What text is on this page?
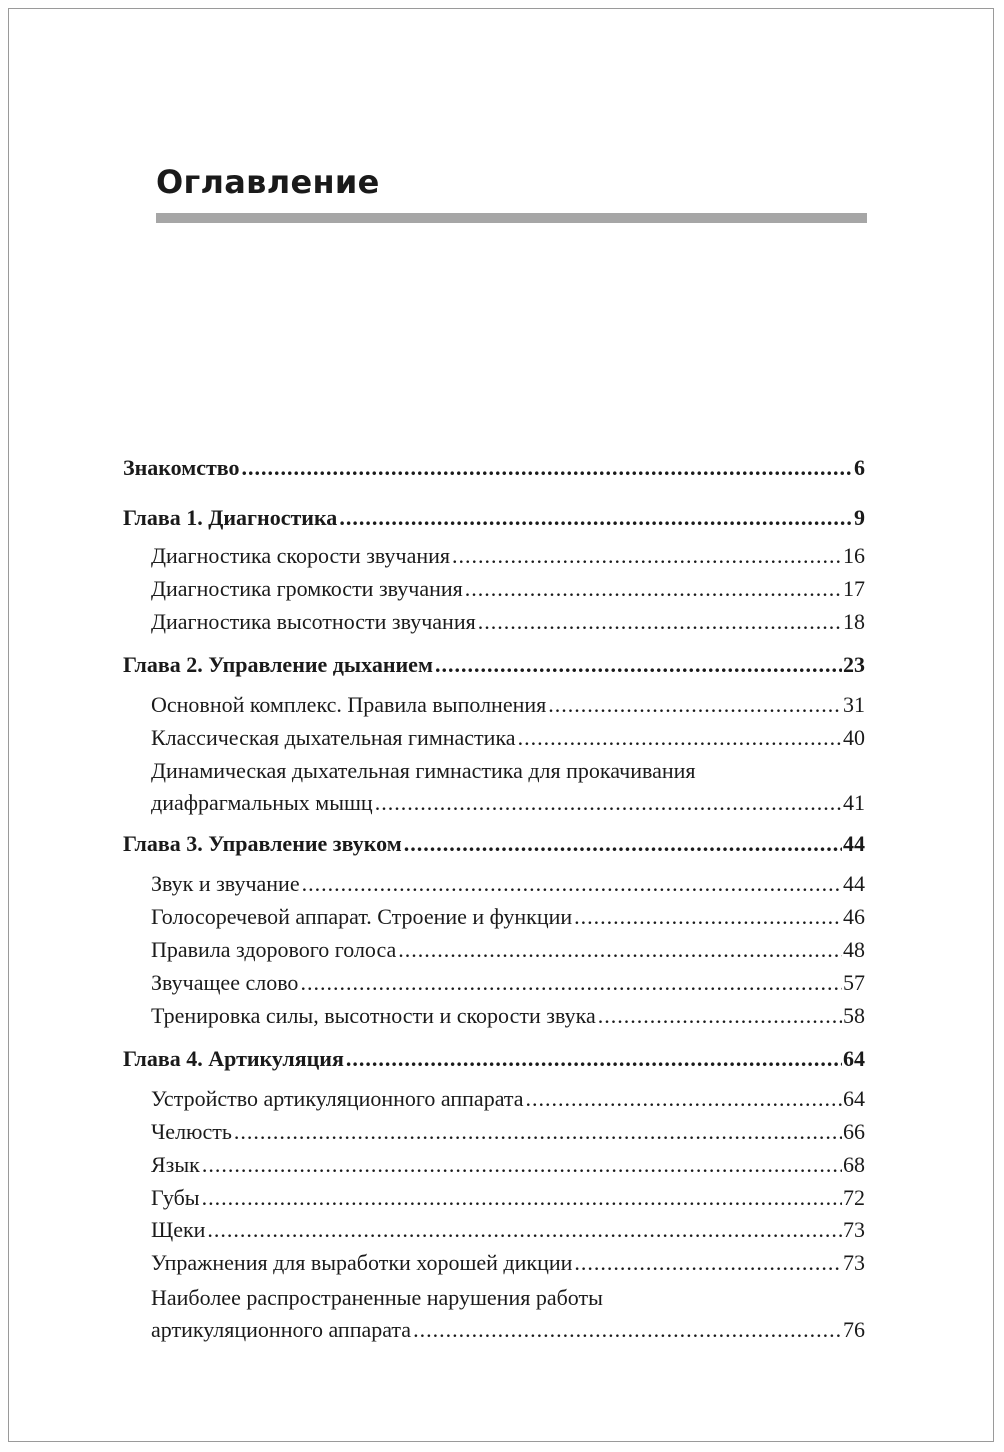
Оглавление
Знакомство .....	6
Глава 1. Диагностика .....	9
Диагностика скорости звучания .....	16
Диагностика громкости звучания .....	17
Диагностика высотности звучания .....	18
Глава 2. Управление дыханием .....	23
Основной комплекс. Правила выполнения .....	31
Классическая дыхательная гимнастика .....	40
Динамическая дыхательная гимнастика для прокачивания
диафрагмальных мышц .....	41
Глава 3. Управление звуком .....	44
Звук и звучание .....	44
Голосоречевой аппарат. Строение и функции .....	46
Правила здорового голоса .....	48
Звучащее слово .....	57
Тренировка силы, высотности и скорости звука .....	58
Глава 4. Артикуляция .....	64
Устройство артикуляционного аппарата .....	64
Челюсть .....	66
Язык .....	68
Губы .....	72
Щеки .....	73
Упражнения для выработки хорошей дикции .....	73
Наиболее распространенные нарушения работы
артикуляционного аппарата .....	76
